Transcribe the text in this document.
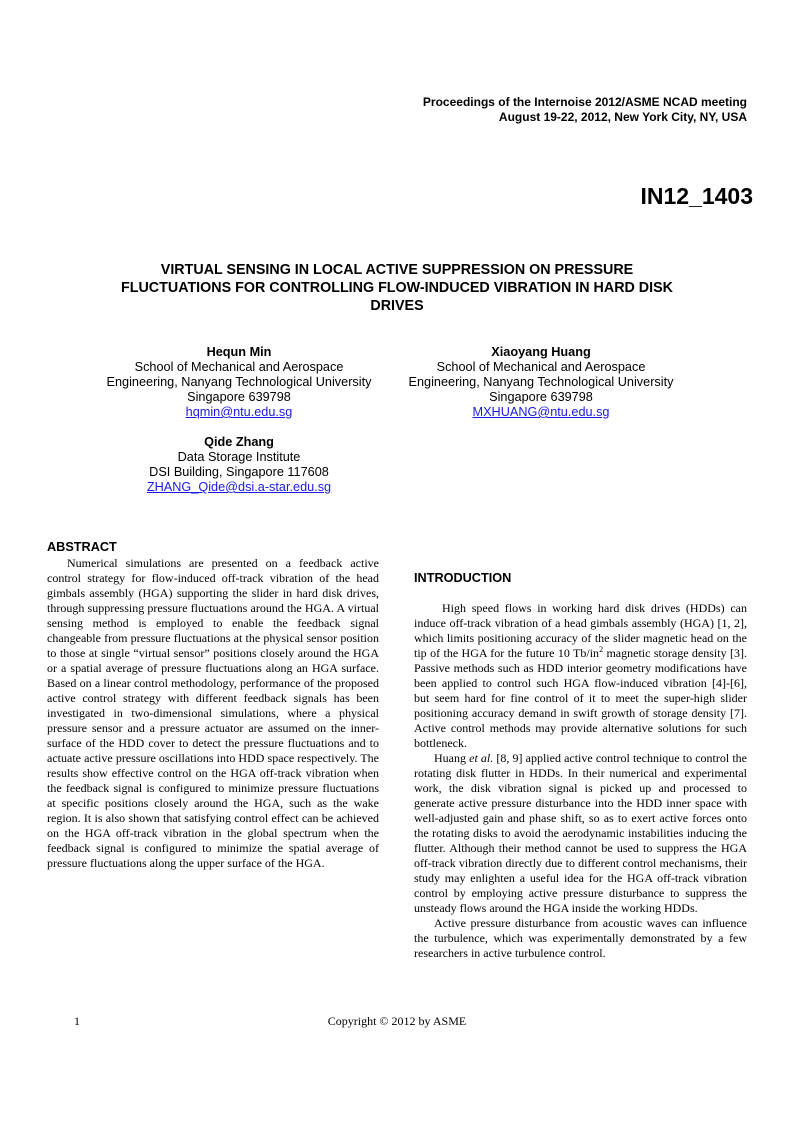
Proceedings of the Internoise 2012/ASME NCAD meeting
August 19-22, 2012, New York City, NY, USA
IN12_1403
VIRTUAL SENSING IN LOCAL ACTIVE SUPPRESSION ON PRESSURE
FLUCTUATIONS FOR CONTROLLING FLOW-INDUCED VIBRATION IN HARD DISK
DRIVES
Hequn Min
School of Mechanical and Aerospace
Engineering, Nanyang Technological University
Singapore 639798
hqmin@ntu.edu.sg
Xiaoyang Huang
School of Mechanical and Aerospace
Engineering, Nanyang Technological University
Singapore 639798
MXHUANG@ntu.edu.sg
Qide Zhang
Data Storage Institute
DSI Building, Singapore 117608
ZHANG_Qide@dsi.a-star.edu.sg
ABSTRACT

Numerical simulations are presented on a feedback active control strategy for flow-induced off-track vibration of the head gimbals assembly (HGA) supporting the slider in hard disk drives, through suppressing pressure fluctuations around the HGA. A virtual sensing method is employed to enable the feedback signal changeable from pressure fluctuations at the physical sensor position to those at single “virtual sensor” positions closely around the HGA or a spatial average of pressure fluctuations along an HGA surface. Based on a linear control methodology, performance of the proposed active control strategy with different feedback signals has been investigated in two-dimensional simulations, where a physical pressure sensor and a pressure actuator are assumed on the inner-surface of the HDD cover to detect the pressure fluctuations and to actuate active pressure oscillations into HDD space respectively. The results show effective control on the HGA off-track vibration when the feedback signal is configured to minimize pressure fluctuations at specific positions closely around the HGA, such as the wake region. It is also shown that satisfying control effect can be achieved on the HGA off-track vibration in the global spectrum when the feedback signal is configured to minimize the spatial average of pressure fluctuations along the upper surface of the HGA.

INTRODUCTION

High speed flows in working hard disk drives (HDDs) can induce off-track vibration of a head gimbals assembly (HGA) [1, 2], which limits positioning accuracy of the slider magnetic head on the tip of the HGA for the future 10 $Tb/in^2$ magnetic storage density [3]. Passive methods such as HDD interior geometry modifications have been applied to control such HGA flow-induced vibration [4]-[6], but seem hard for fine control of it to meet the super-high slider positioning accuracy demand in swift growth of storage density [7]. Active control methods may provide alternative solutions for such bottleneck.

Huang et al. [8, 9] applied active control technique to control the rotating disk flutter in HDDs. In their numerical and experimental work, the disk vibration signal is picked up and processed to generate active pressure disturbance into the HDD inner space with well-adjusted gain and phase shift, so as to exert active forces onto the rotating disks to avoid the aerodynamic instabilities inducing the flutter. Although their method cannot be used to suppress the HGA off-track vibration directly due to different control mechanisms, their study may enlighten a useful idea for the HGA off-track vibration control by employing active pressure disturbance to suppress the unsteady flows around the HGA inside the working HDDs.

Active pressure disturbance from acoustic waves can influence the turbulence, which was experimentally demonstrated by a few researchers in active turbulence control.

1	Copyright © 2012 by ASME
